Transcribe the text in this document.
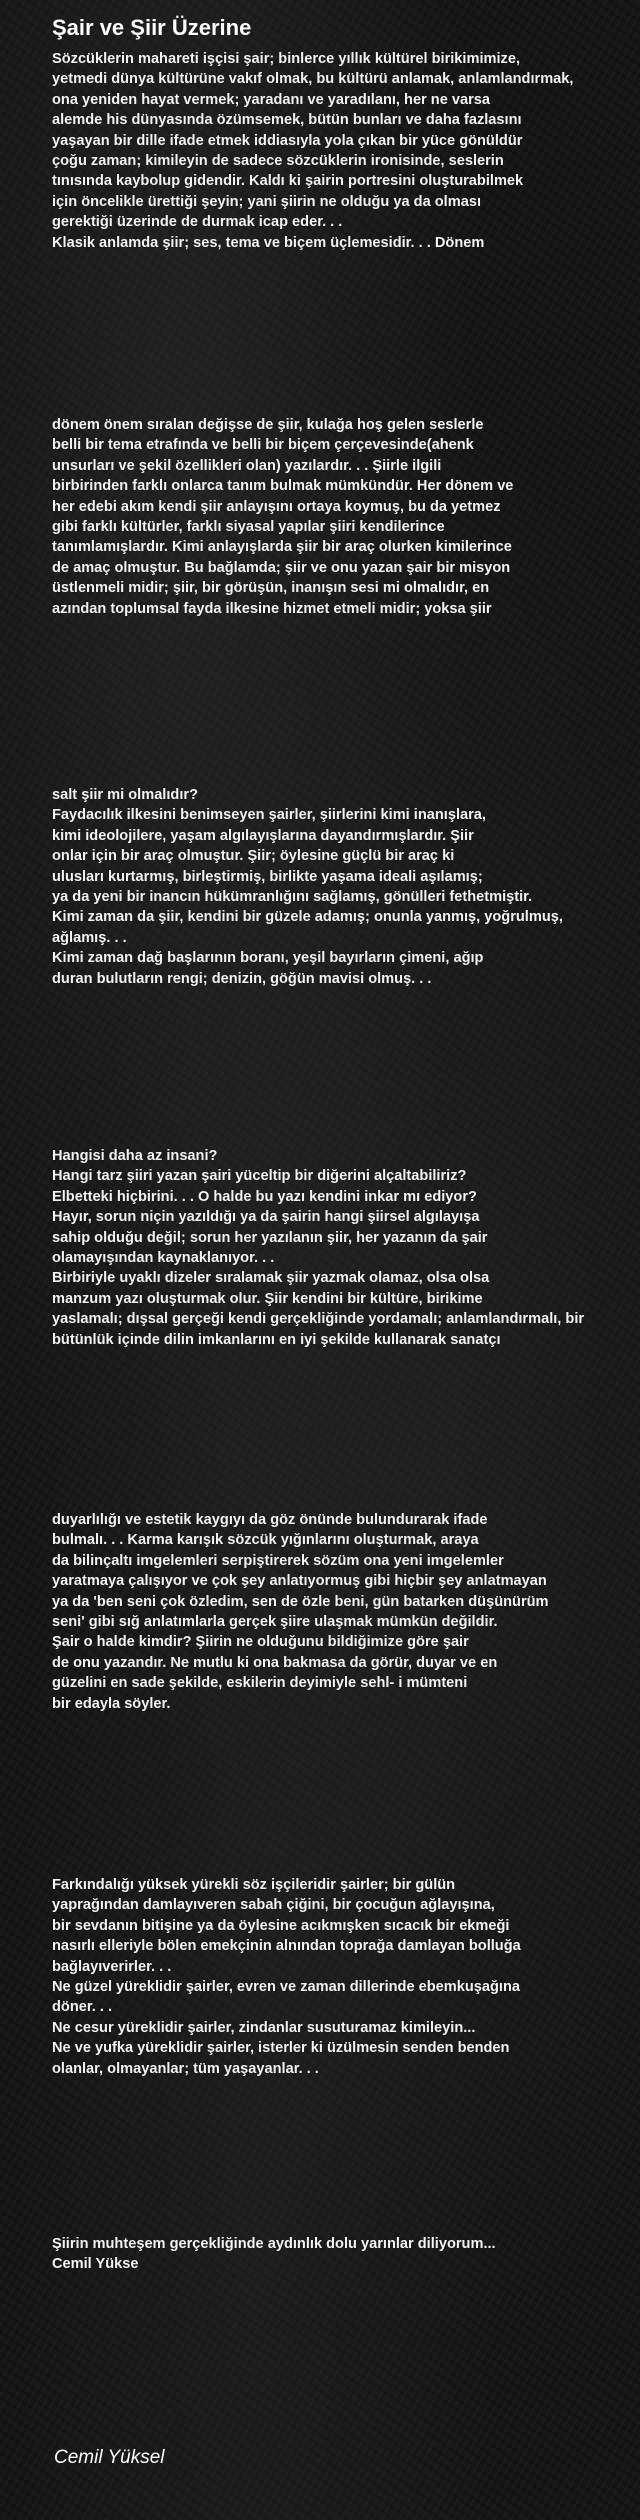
Şair ve Şiir Üzerine
Sözcüklerin mahareti işçisi şair; binlerce yıllık kültürel birikimimize,
yetmedi dünya kültürüne vakıf olmak, bu kültürü anlamak, anlamlandırmak,
ona yeniden hayat vermek; yaradanı ve yaradılanı, her ne varsa
alemde his dünyasında özümsemek, bütün bunları ve daha fazlasını
yaşayan bir dille ifade etmek iddiasıyla yola çıkan bir yüce gönüldür
çoğu zaman; kimileyin de sadece sözcüklerin ironisinde, seslerin
tınısında kaybolup gidendir. Kaldı ki şairin portresini oluşturabilmek
için öncelikle ürettiği şeyin; yani şiirin ne olduğu ya da olması
gerektiği üzerinde de durmak icap eder. . .
Klasik anlamda şiir; ses, tema ve biçem üçlemesidir. . . Dönem
dönem önem sıralan değişse de şiir, kulağa hoş gelen seslerle
belli bir tema etrafında ve belli bir biçem çerçevesinde(ahenk
unsurları ve şekil özellikleri olan) yazılardır. . . Şiirle ilgili
birbirinden farklı onlarca tanım bulmak mümkündür. Her dönem ve
her edebi akım kendi şiir anlayışını ortaya koymuş, bu da yetmez
gibi farklı kültürler, farklı siyasal yapılar şiiri kendilerince
tanımlamışlardır. Kimi anlayışlarda şiir bir araç olurken kimilerince
de amaç olmuştur. Bu bağlamda; şiir ve onu yazan şair bir misyon
üstlenmeli midir; şiir, bir görüşün, inanışın sesi mi olmalıdır, en
azından toplumsal fayda ilkesine hizmet etmeli midir; yoksa şiir
salt şiir mi olmalıdır?
Faydacılık ilkesini benimseyen şairler, şiirlerini kimi inanışlara,
kimi ideolojilere, yaşam algılayışlarına dayandırmışlardır. Şiir
onlar için bir araç olmuştur. Şiir; öylesine güçlü bir araç ki
ulusları kurtarmış, birleştirmiş, birlikte yaşama ideali aşılamış;
ya da yeni bir inancın hükümranlığını sağlamış, gönülleri fethetmiştir.
Kimi zaman da şiir, kendini bir güzele adamış; onunla yanmış, yoğrulmuş,
ağlamış. . .
Kimi zaman dağ başlarının boranı, yeşil bayırların çimeni, ağıp
duran bulutların rengi; denizin, göğün mavisi olmuş. . .
Hangisi daha az insani?
Hangi tarz şiiri yazan şairi yüceltip bir diğerini alçaltabiliriz?
Elbetteki hiçbirini. . . O halde bu yazı kendini inkar mı ediyor?
Hayır, sorun niçin yazıldığı ya da şairin hangi şiirsel algılayışa
sahip olduğu değil; sorun her yazılanın şiir, her yazanın da şair
olamayışından kaynaklanıyor. . .
Birbiriyle uyaklı dizeler sıralamak şiir yazmak olamaz, olsa olsa
manzum yazı oluşturmak olur. Şiir kendini bir kültüre, birikime
yaslamalı; dışsal gerçeği kendi gerçekliğinde yordamalı; anlamlandırmalı, bir
bütünlük içinde dilin imkanlarını en iyi şekilde kullanarak sanatçı
duyarlılığı ve estetik kaygıyı da göz önünde bulundurarak ifade
bulmalı. . . Karma karışık sözcük yığınlarını oluşturmak, araya
da bilinçaltı imgelemleri serpiştirerek sözüm ona yeni imgelemler
yaratmaya çalışıyor ve çok şey anlatıyormuş gibi hiçbir şey anlatmayan
ya da 'ben seni çok özledim, sen de özle beni, gün batarken düşünürüm
seni' gibi sığ anlatımlarla gerçek şiire ulaşmak mümkün değildir.
Şair o halde kimdir? Şiirin ne olduğunu bildiğimize göre şair
de onu yazandır. Ne mutlu ki ona bakmasa da görür, duyar ve en
güzelini en sade şekilde, eskilerin deyimiyle sehl- i mümteni
bir edayla söyler.
Farkındalığı yüksek yürekli söz işçileridir şairler; bir gülün
yaprağından damlayıveren sabah çiğini, bir çocuğun ağlayışına,
bir sevdanın bitişine ya da öylesine acıkmışken sıcacık bir ekmeği
nasırlı elleriyle bölen emekçinin alnından toprağa damlayan bolluğa
bağlayıverirler. . .
Ne güzel yüreklidir şairler, evren ve zaman dillerinde ebemkuşağına
döner. . .
Ne cesur yüreklidir şairler, zindanlar susuturamaz kimileyin...
Ne ve yufka yüreklidir şairler, isterler ki üzülmesin senden benden
olanlar, olmayanlar; tüm yaşayanlar. . .
Şiirin muhteşem gerçekliğinde aydınlık dolu yarınlar diliyorum...
Cemil Yükse
Cemil Yüksel
